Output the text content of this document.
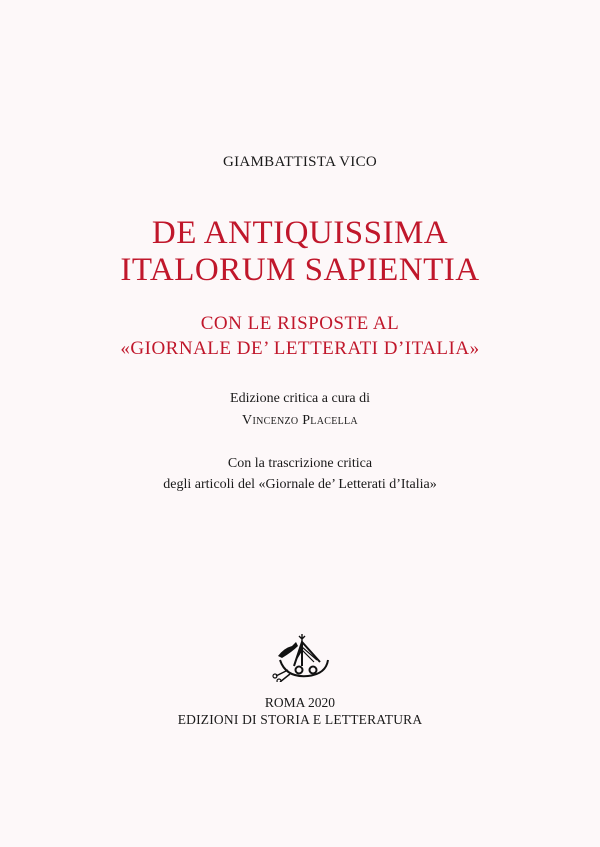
GIAMBATTISTA VICO
DE ANTIQUISSIMA
ITALORUM SAPIENTIA
CON LE RISPOSTE AL
«GIORNALE DE’ LETTERATI D’ITALIA»
Edizione critica a cura di
Vincenzo Placella
Con la trascrizione critica
degli articoli del «Giornale de’ Letterati d’Italia»
ROMA 2020
EDIZIONI DI STORIA E LETTERATURA
